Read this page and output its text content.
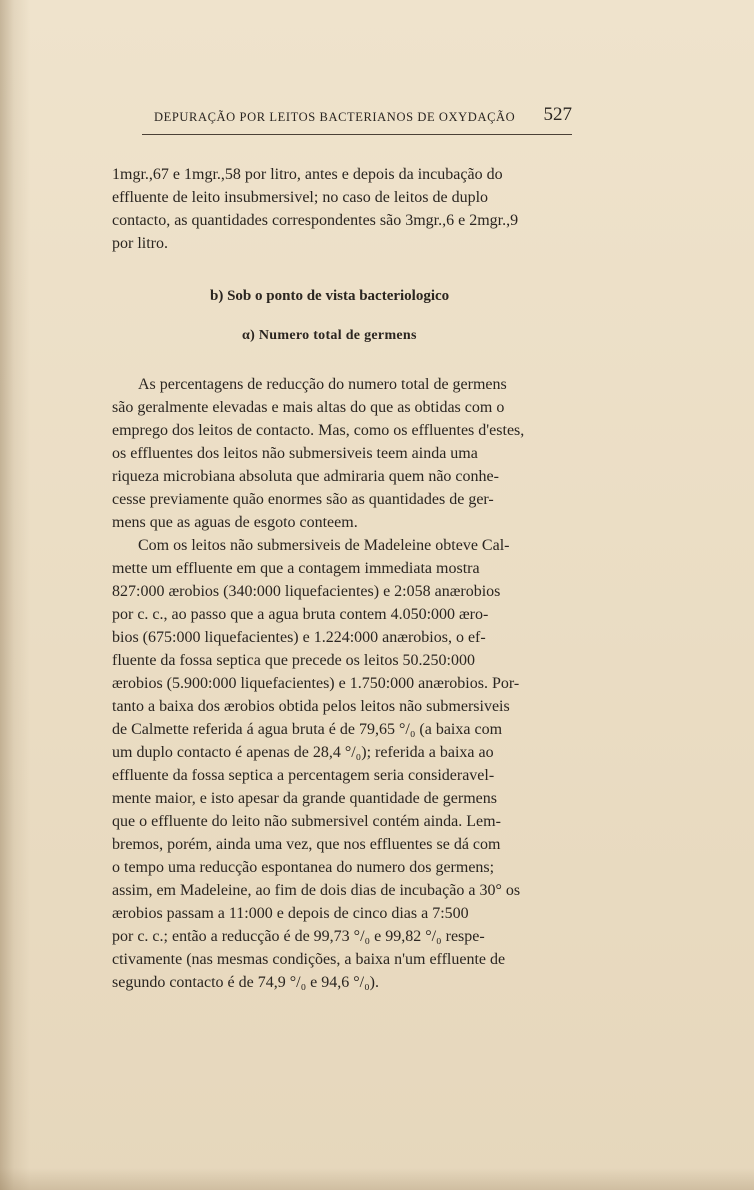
DEPURAÇÃO POR LEITOS BACTERIANOS DE OXYDAÇÃO 527

1mgr.,67 e 1mgr.,58 por litro, antes e depois da incubação do

effluente de leito insubmersivel; no caso de leitos de duplo

contacto, as quantidades correspondentes são 3mgr.,6 e 2mgr.,9

por litro.

b) Sob o ponto de vista bacteriologico
α) Numero total de germens

As percentagens de reducção do numero total de germens

são geralmente elevadas e mais altas do que as obtidas com o

emprego dos leitos de contacto. Mas, como os effluentes d'estes,

os effluentes dos leitos não submersiveis teem ainda uma

riqueza microbiana absoluta que admiraria quem não conhe-

cesse previamente quão enormes são as quantidades de ger-

mens que as aguas de esgoto conteem.

Com os leitos não submersiveis de Madeleine obteve Cal-

mette um effluente em que a contagem immediata mostra

827:000 ærobios (340:000 liquefacientes) e 2:058 anærobios

por c. c., ao passo que a agua bruta contem 4.050:000 æro-

bios (675:000 liquefacientes) e 1.224:000 anærobios, o ef-

fluente da fossa septica que precede os leitos 50.250:000

ærobios (5.900:000 liquefacientes) e 1.750:000 anærobios. Por-

tanto a baixa dos ærobios obtida pelos leitos não submersiveis

de Calmette referida á agua bruta é de 79,65 °/₀ (a baixa com

um duplo contacto é apenas de 28,4 °/₀); referida a baixa ao

effluente da fossa septica a percentagem seria consideravel-

mente maior, e isto apesar da grande quantidade de germens

que o effluente do leito não submersivel contém ainda. Lem-

bremos, porém, ainda uma vez, que nos effluentes se dá com

o tempo uma reducção espontanea do numero dos germens;

assim, em Madeleine, ao fim de dois dias de incubação a 30° os

ærobios passam a 11:000 e depois de cinco dias a 7:500

por c. c.; então a reducção é de 99,73 °/₀ e 99,82 °/₀ respe-

ctivamente (nas mesmas condições, a baixa n'um effluente de

segundo contacto é de 74,9 °/₀ e 94,6 °/₀).
